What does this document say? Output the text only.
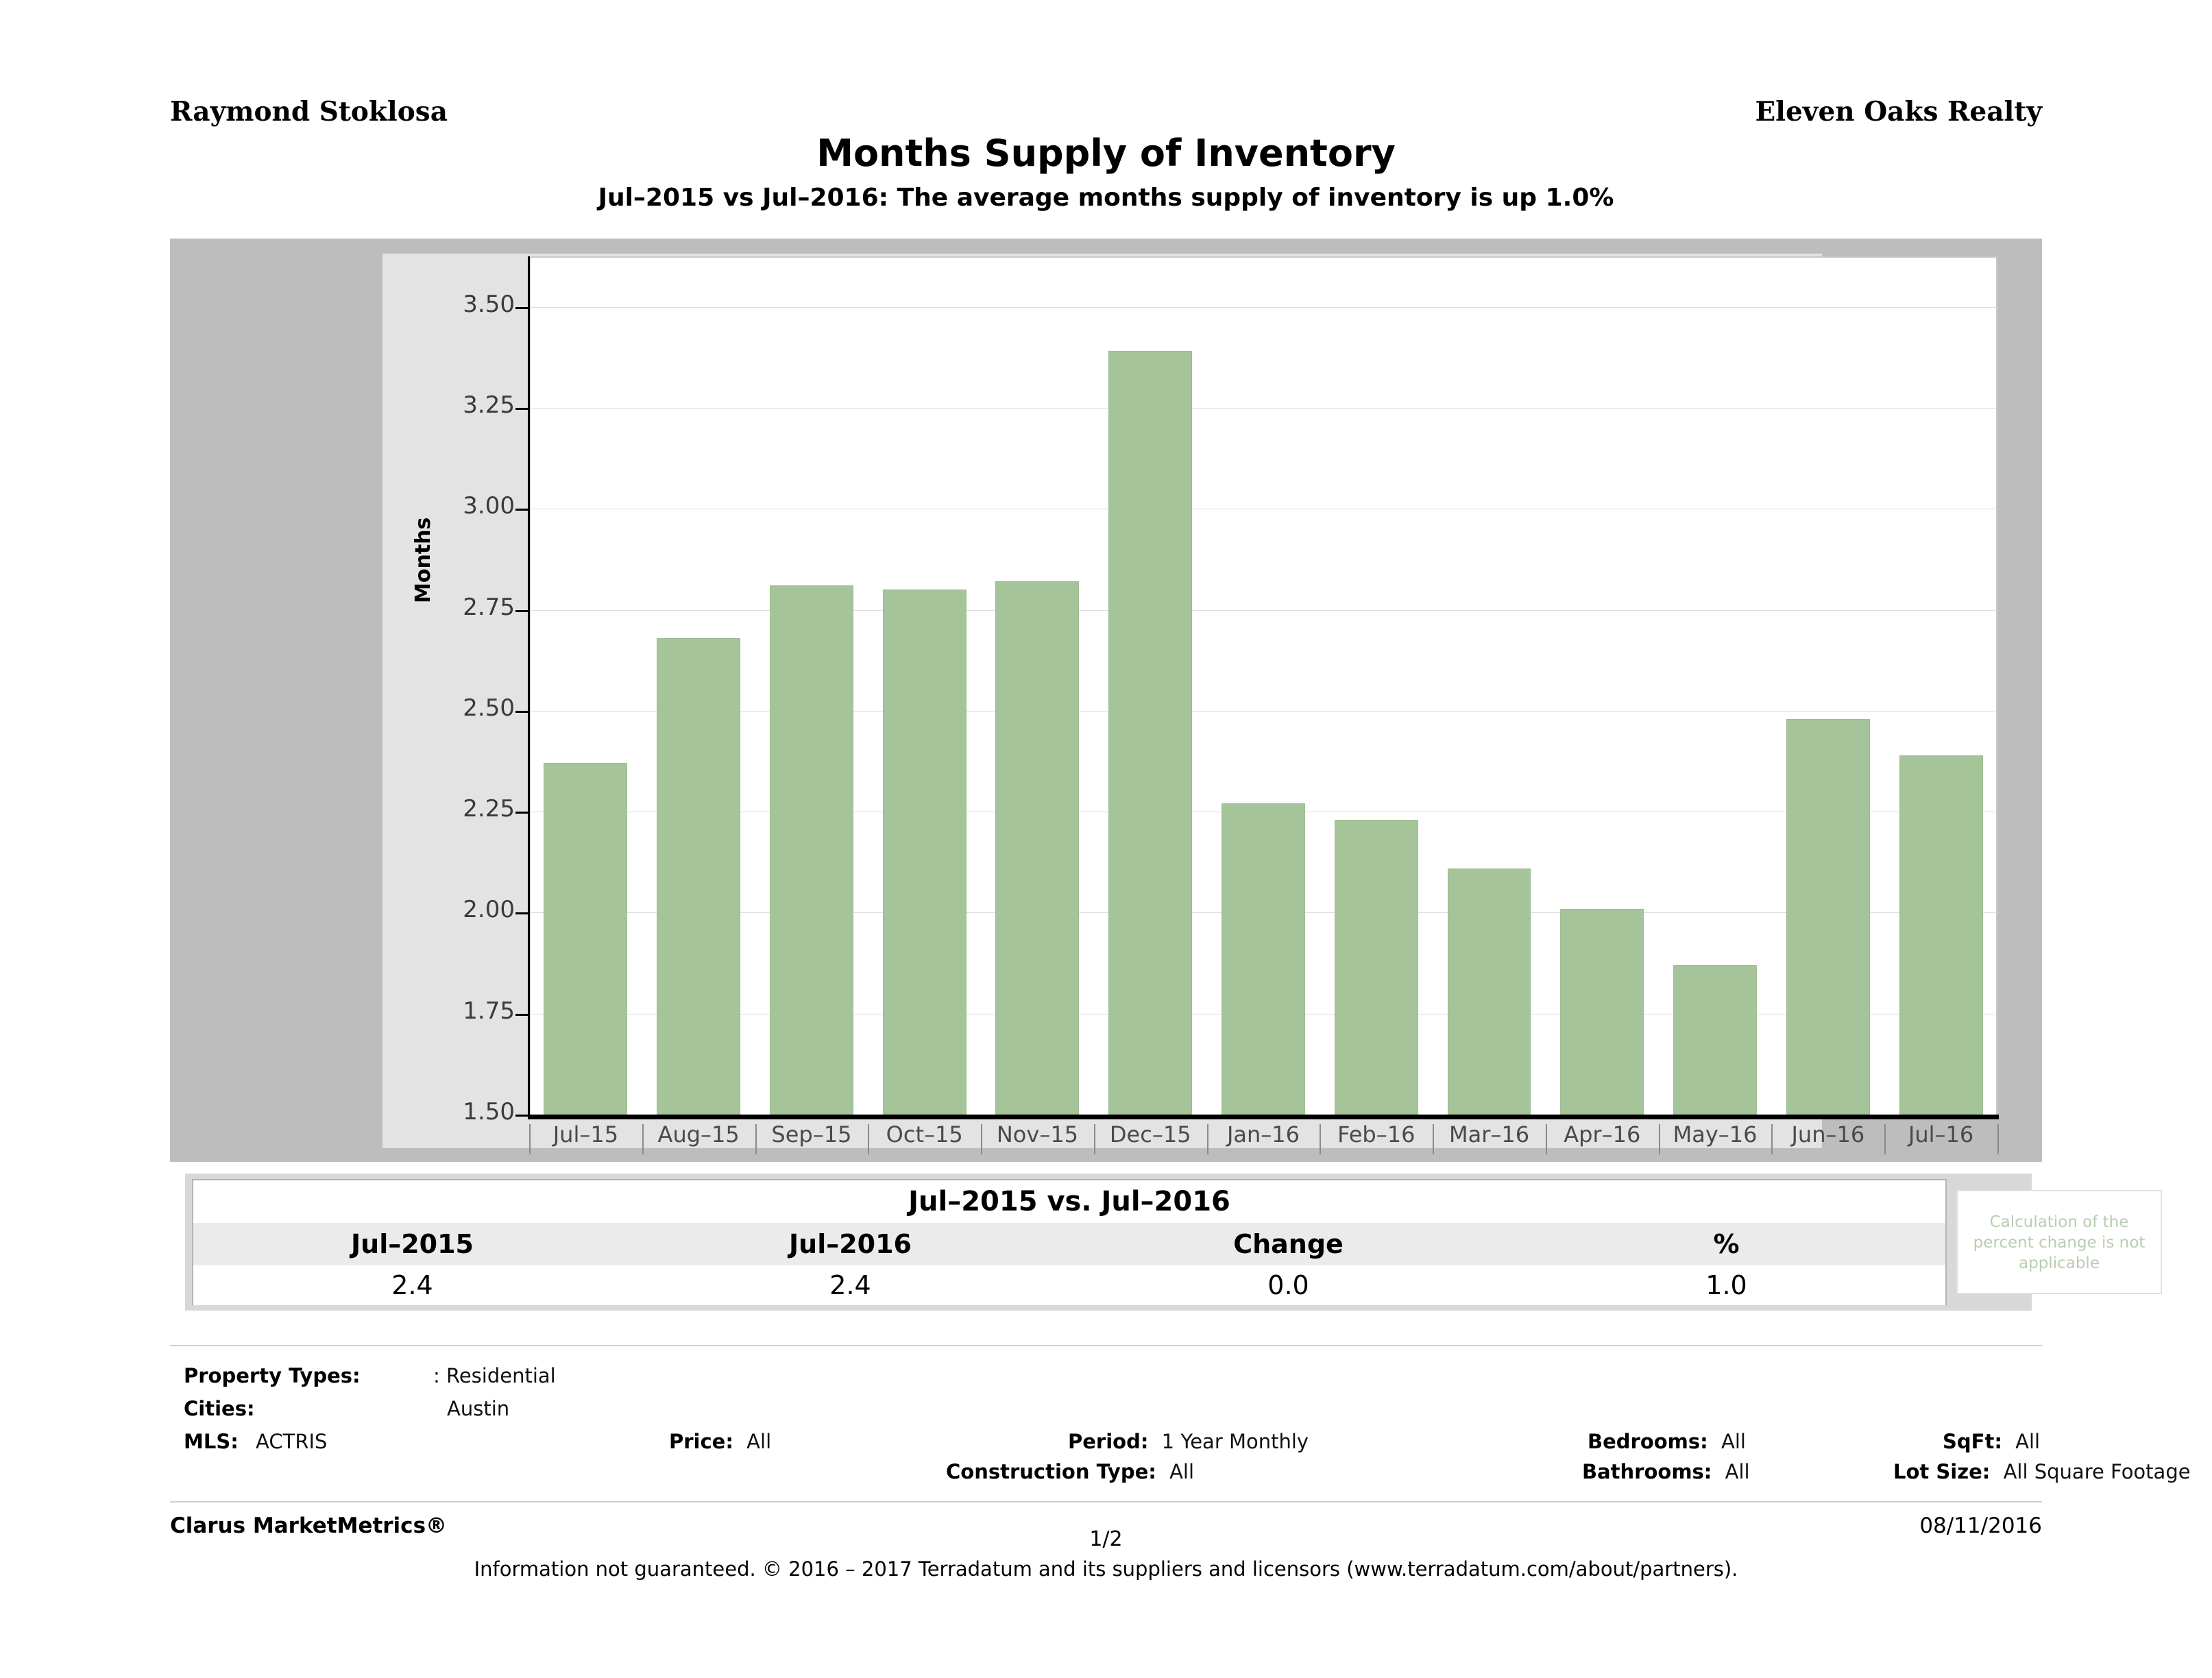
Raymond Stoklosa	Eleven Oaks Realty
Months Supply of Inventory
Jul–2015 vs Jul–2016: The average months supply of inventory is up 1.0%
1.50
1.75
2.00
2.25
2.50
2.75
3.00
3.25
3.50
Months
Jul–15	Aug–15	Sep–15	Oct–15	Nov–15	Dec–15	Jan–16	Feb–16	Mar–16	Apr–16	May–16	Jun–16	Jul–16
Jul–2015 vs. Jul–2016
Jul–2015	Jul–2016	Change	%
2.4	2.4	0.0	1.0
Calculation of the percent change is not applicable
Property Types:	: Residential
Cities:	Austin
MLS: ACTRIS	Price: All	Period: 1 Year Monthly	Bedrooms: All	SqFt: All
Construction Type: All	Bathrooms: All	Lot Size: All Square Footage
Clarus MarketMetrics®	08/11/2016
1/2
Information not guaranteed. © 2016 – 2017 Terradatum and its suppliers and licensors (www.terradatum.com/about/partners).
